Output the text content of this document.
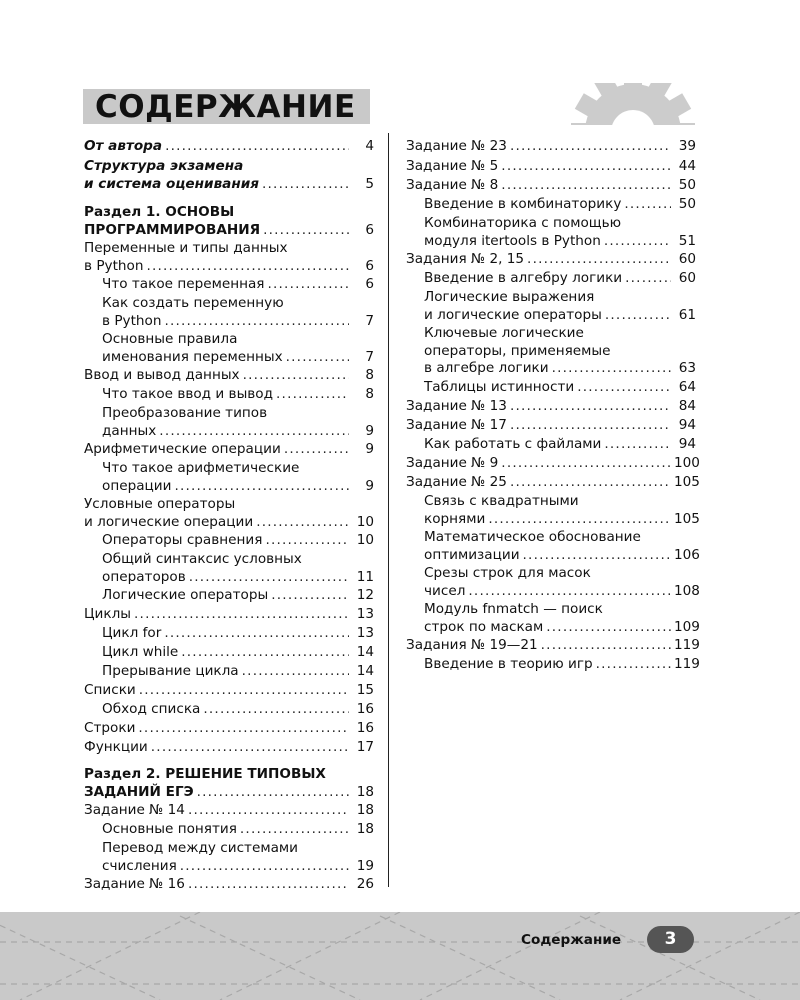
СОДЕРЖАНИЕ
От автора .....	4
Структура экзамена
и система оценивания .....	5
Раздел 1. ОСНОВЫ
ПРОГРАММИРОВАНИЯ .....	6
Переменные и типы данных
в Python .....	6
Что такое переменная .....	6
Как создать переменную
в Python .....	7
Основные правила
именования переменных .....	7
Ввод и вывод данных .....	8
Что такое ввод и вывод .....	8
Преобразование типов
данных .....	9
Арифметические операции .....	9
Что такое арифметические
операции .....	9
Условные операторы
и логические операции .....	10
Операторы сравнения .....	10
Общий синтаксис условных
операторов .....	11
Логические операторы .....	12
Циклы .....	13
Цикл for .....	13
Цикл while .....	14
Прерывание цикла .....	14
Списки .....	15
Обход списка .....	16
Строки .....	16
Функции .....	17
Раздел 2. РЕШЕНИЕ ТИПОВЫХ
ЗАДАНИЙ ЕГЭ .....	18
Задание № 14 .....	18
Основные понятия .....	18
Перевод между системами
счисления .....	19
Задание № 16 .....	26
Задание № 23 .....	39
Задание № 5 .....	44
Задание № 8 .....	50
Введение в комбинаторику .....	50
Комбинаторика с помощью
модуля itertools в Python .....	51
Задания № 2, 15 .....	60
Введение в алгебру логики .....	60
Логические выражения
и логические операторы .....	61
Ключевые логические
операторы, применяемые
в алгебре логики .....	63
Таблицы истинности .....	64
Задание № 13 .....	84
Задание № 17 .....	94
Как работать с файлами .....	94
Задание № 9 .....	100
Задание № 25 .....	105
Связь с квадратными
корнями .....	105
Математическое обоснование
оптимизации .....	106
Срезы строк для масок
чисел .....	108
Модуль fnmatch — поиск
строк по маскам .....	109
Задания № 19—21 .....	119
Введение в теорию игр .....	119
Содержание	3
